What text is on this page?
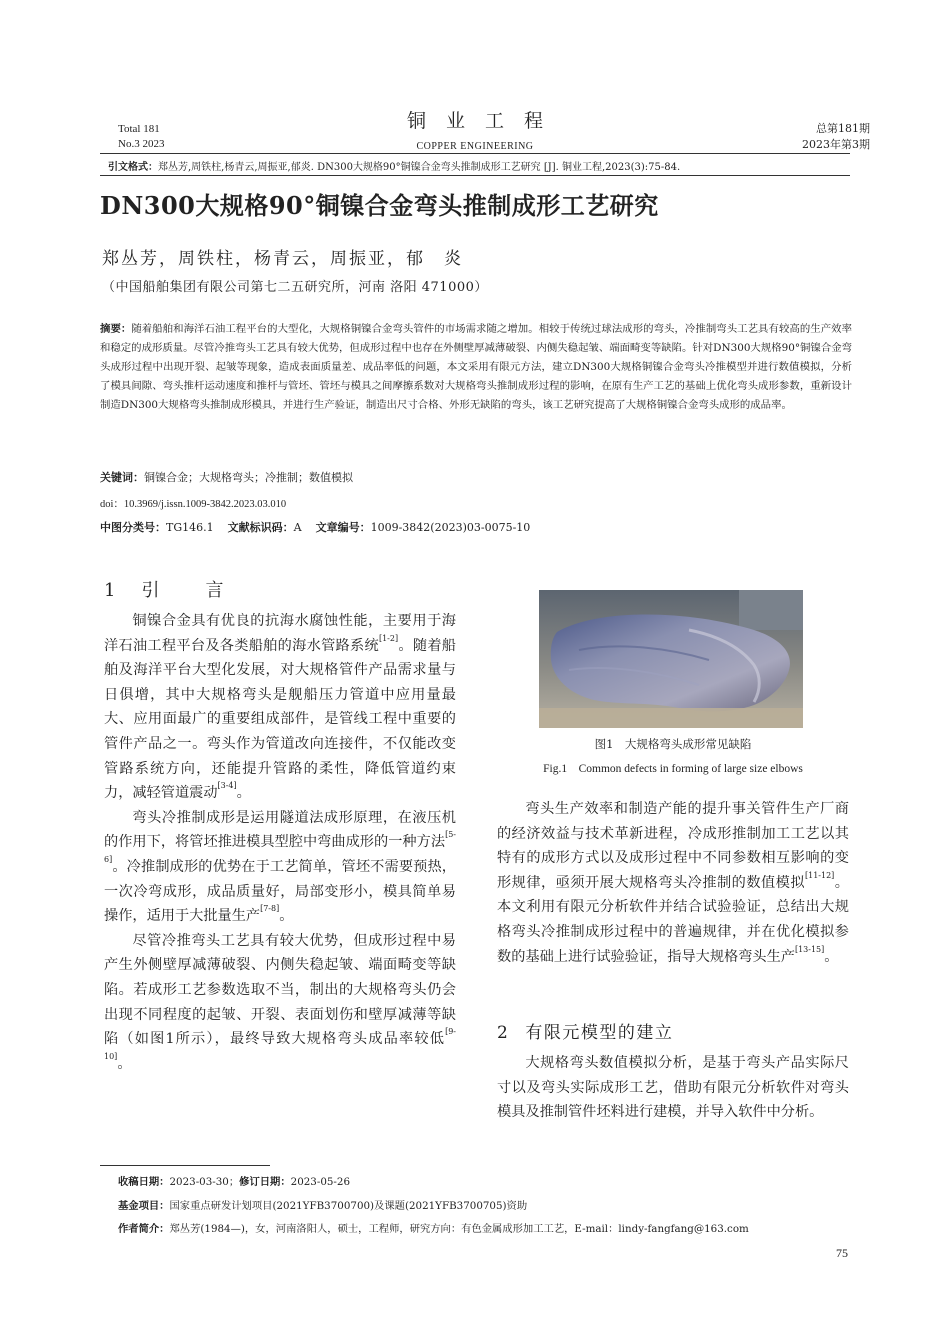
Total 181
No.3 2023
铜业工程
COPPER ENGINEERING
总第181期
2023年第3期
引文格式：郑丛芳,周铁柱,杨青云,周振亚,郁炎. DN300大规格90°铜镍合金弯头推制成形工艺研究 [J]. 铜业工程,2023(3):75-84.
DN300大规格90°铜镍合金弯头推制成形工艺研究
郑丛芳，周铁柱，杨青云，周振亚，郁　炎
（中国船舶集团有限公司第七二五研究所，河南 洛阳 471000）
摘要：随着船舶和海洋石油工程平台的大型化，大规格铜镍合金弯头管件的市场需求随之增加。相较于传统过球法成形的弯头，冷推制弯头工艺具有较高的生产效率和稳定的成形质量。尽管冷推弯头工艺具有较大优势，但成形过程中也存在外侧壁厚减薄破裂、内侧失稳起皱、端面畸变等缺陷。针对DN300大规格90°铜镍合金弯头成形过程中出现开裂、起皱等现象，造成表面质量差、成品率低的问题，本文采用有限元方法，建立DN300大规格铜镍合金弯头冷推模型并进行数值模拟，分析了模具间隙、弯头推杆运动速度和推杆与管坯、管坯与模具之间摩擦系数对大规格弯头推制成形过程的影响，在原有生产工艺的基础上优化弯头成形参数，重新设计制造DN300大规格弯头推制成形模具，并进行生产验证，制造出尺寸合格、外形无缺陷的弯头，该工艺研究提高了大规格铜镍合金弯头成形的成品率。
关键词：铜镍合金；大规格弯头；冷推制；数值模拟
doi：10.3969/j.issn.1009-3842.2023.03.010
中图分类号：TG146.1 文献标识码：A 文章编号：1009-3842(2023)03-0075-10
1 引　言

铜镍合金具有优良的抗海水腐蚀性能，主要用于海洋石油工程平台及各类船舶的海水管路系统[1-2]。随着船舶及海洋平台大型化发展，对大规格管件产品需求量与日俱增，其中大规格弯头是舰船压力管道中应用量最大、应用面最广的重要组成部件，是管线工程中重要的管件产品之一。弯头作为管道改向连接件，不仅能改变管路系统方向，还能提升管路的柔性，降低管道约束力，减轻管道震动[3-4]。

弯头冷推制成形是运用隧道法成形原理，在液压机的作用下，将管坯推进模具型腔中弯曲成形的一种方法[5-6]。冷推制成形的优势在于工艺简单，管坯不需要预热，一次冷弯成形，成品质量好，局部变形小，模具简单易操作，适用于大批量生产[7-8]。

尽管冷推弯头工艺具有较大优势，但成形过程中易产生外侧壁厚减薄破裂、内侧失稳起皱、端面畸变等缺陷。若成形工艺参数选取不当，制出的大规格弯头仍会出现不同程度的起皱、开裂、表面划伤和壁厚减薄等缺陷（如图1所示），最终导致大规格弯头成品率较低[9-10]。

图1　大规格弯头成形常见缺陷
Fig.1　Common defects in forming of large size elbows

弯头生产效率和制造产能的提升事关管件生产厂商的经济效益与技术革新进程，冷成形推制加工工艺以其特有的成形方式以及成形过程中不同参数相互影响的变形规律，亟须开展大规格弯头冷推制的数值模拟[11-12]。本文利用有限元分析软件并结合试验验证，总结出大规格弯头冷推制成形过程中的普遍规律，并在优化模拟参数的基础上进行试验验证，指导大规格弯头生产[13-15]。

2 有限元模型的建立

大规格弯头数值模拟分析，是基于弯头产品实际尺寸以及弯头实际成形工艺，借助有限元分析软件对弯头模具及推制管件坯料进行建模，并导入软件中分析。

收稿日期：2023-03-30；修订日期：2023-05-26
基金项目：国家重点研发计划项目(2021YFB3700700)及课题(2021YFB3700705)资助
作者简介：郑丛芳(1984—)，女，河南洛阳人，硕士，工程师，研究方向：有色金属成形加工工艺，E-mail：lindy-fangfang@163.com
75
